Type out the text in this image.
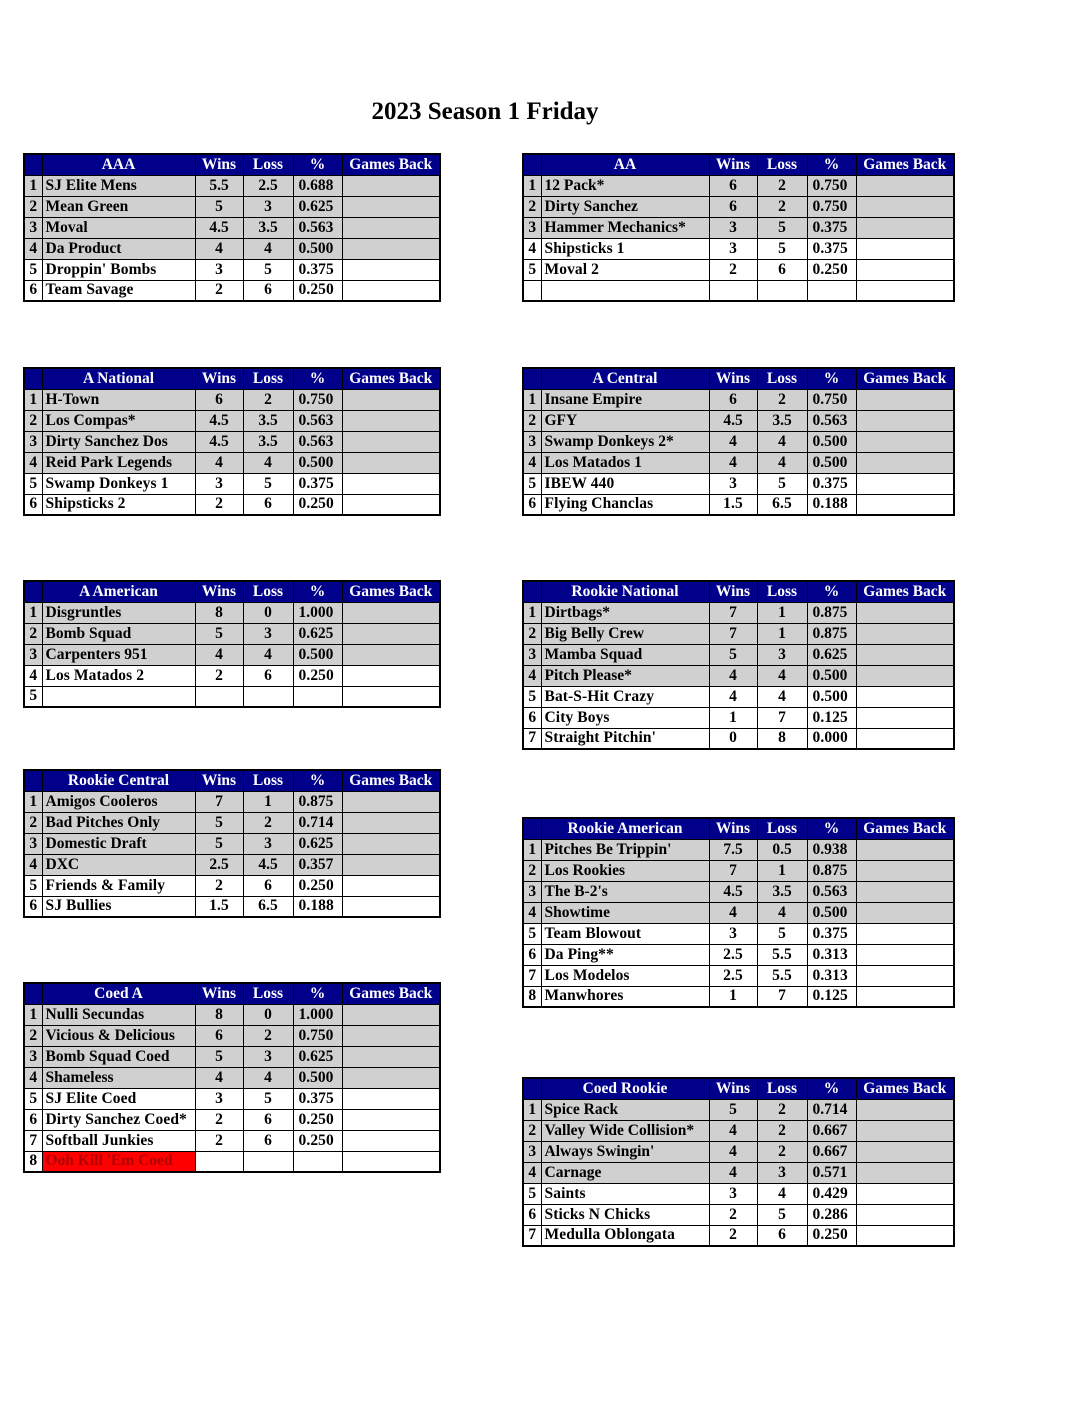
2023 Season 1 Friday
	AAA	Wins	Loss	%	Games Back
1	SJ Elite Mens	5.5	2.5	0.688	
2	Mean Green	5	3	0.625	
3	Moval	4.5	3.5	0.563	
4	Da Product	4	4	0.500	
5	Droppin' Bombs	3	5	0.375	
6	Team Savage	2	6	0.250	
	AA	Wins	Loss	%	Games Back
1	12 Pack*	6	2	0.750	
2	Dirty Sanchez	6	2	0.750	
3	Hammer Mechanics*	3	5	0.375	
4	Shipsticks 1	3	5	0.375	
5	Moval 2	2	6	0.250	

	A National	Wins	Loss	%	Games Back
1	H-Town	6	2	0.750	
2	Los Compas*	4.5	3.5	0.563	
3	Dirty Sanchez Dos	4.5	3.5	0.563	
4	Reid Park Legends	4	4	0.500	
5	Swamp Donkeys 1	3	5	0.375	
6	Shipsticks 2	2	6	0.250	
	A Central	Wins	Loss	%	Games Back
1	Insane Empire	6	2	0.750	
2	GFY	4.5	3.5	0.563	
3	Swamp Donkeys 2*	4	4	0.500	
4	Los Matados 1	4	4	0.500	
5	IBEW 440	3	5	0.375	
6	Flying Chanclas	1.5	6.5	0.188	
	A American	Wins	Loss	%	Games Back
1	Disgruntles	8	0	1.000	
2	Bomb Squad	5	3	0.625	
3	Carpenters 951	4	4	0.500	
4	Los Matados 2	2	6	0.250	
5					
	Rookie National	Wins	Loss	%	Games Back
1	Dirtbags*	7	1	0.875	
2	Big Belly Crew	7	1	0.875	
3	Mamba Squad	5	3	0.625	
4	Pitch Please*	4	4	0.500	
5	Bat-S-Hit Crazy	4	4	0.500	
6	City Boys	1	7	0.125	
7	Straight Pitchin'	0	8	0.000	
	Rookie Central	Wins	Loss	%	Games Back
1	Amigos Cooleros	7	1	0.875	
2	Bad Pitches Only	5	2	0.714	
3	Domestic Draft	5	3	0.625	
4	DXC	2.5	4.5	0.357	
5	Friends & Family	2	6	0.250	
6	SJ Bullies	1.5	6.5	0.188	
	Rookie American	Wins	Loss	%	Games Back
1	Pitches Be Trippin'	7.5	0.5	0.938	
2	Los Rookies	7	1	0.875	
3	The B-2's	4.5	3.5	0.563	
4	Showtime	4	4	0.500	
5	Team Blowout	3	5	0.375	
6	Da Ping**	2.5	5.5	0.313	
7	Los Modelos	2.5	5.5	0.313	
8	Manwhores	1	7	0.125	
	Coed A	Wins	Loss	%	Games Back
1	Nulli Secundas	8	0	1.000	
2	Vicious & Delicious	6	2	0.750	
3	Bomb Squad Coed	5	3	0.625	
4	Shameless	4	4	0.500	
5	SJ Elite Coed	3	5	0.375	
6	Dirty Sanchez Coed*	2	6	0.250	
7	Softball Junkies	2	6	0.250	
8	Ooh Kill 'Em Coed				
	Coed Rookie	Wins	Loss	%	Games Back
1	Spice Rack	5	2	0.714	
2	Valley Wide Collision*	4	2	0.667	
3	Always Swingin'	4	2	0.667	
4	Carnage	4	3	0.571	
5	Saints	3	4	0.429	
6	Sticks N Chicks	2	5	0.286	
7	Medulla Oblongata	2	6	0.250	
